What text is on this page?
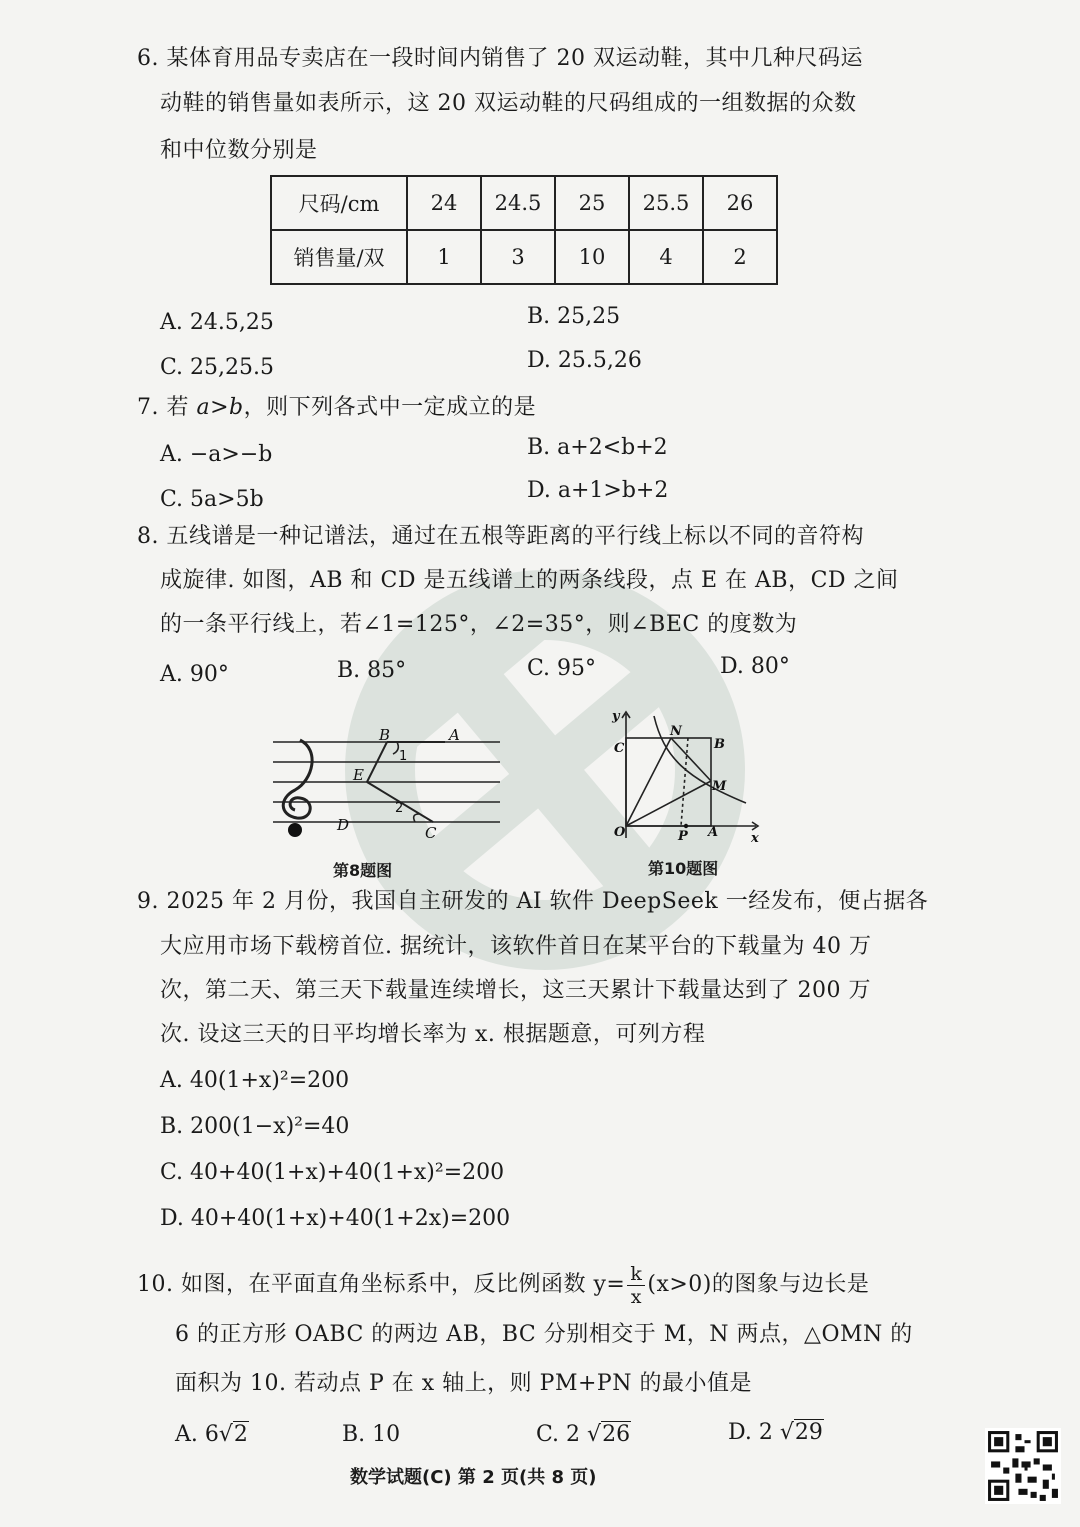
6. 某体育用品专卖店在一段时间内销售了 20 双运动鞋，其中几种尺码运
动鞋的销售量如表所示，这 20 双运动鞋的尺码组成的一组数据的众数
和中位数分别是
尺码/cm	24	24.5	25	25.5	26
销售量/双	1	3	10	4	2
A. 24.5,25	B. 25,25
C. 25,25.5	D. 25.5,26
7. 若 a>b，则下列各式中一定成立的是
A. −a>−b	B. a+2<b+2
C. 5a>5b	D. a+1>b+2
8. 五线谱是一种记谱法，通过在五根等距离的平行线上标以不同的音符构
成旋律. 如图，AB 和 CD 是五线谱上的两条线段，点 E 在 AB，CD 之间
的一条平行线上，若∠1=125°，∠2=35°，则∠BEC 的度数为
A. 90°	B. 85°	C. 95°	D. 80°
A
B
C
D
E
1
2
第8题图
y
x
O	A
B
C
M
N
P
第10题图
9. 2025 年 2 月份，我国自主研发的 AI 软件 DeepSeek 一经发布，便占据各
大应用市场下载榜首位. 据统计，该软件首日在某平台的下载量为 40 万
次，第二天、第三天下载量连续增长，这三天累计下载量达到了 200 万
次. 设这三天的日平均增长率为 x. 根据题意，可列方程
A. 40(1+x)²=200
B. 200(1−x)²=40
C. 40+40(1+x)+40(1+x)²=200
D. 40+40(1+x)+40(1+2x)=200
10. 如图，在平面直角坐标系中，反比例函数 $y= \frac{k}{x} (x>0)$的图象与边长是
6 的正方形 OABC 的两边 AB，BC 分别相交于 M，N 两点，△OMN 的
面积为 10. 若动点 P 在 x 轴上，则 PM+PN 的最小值是
A. 6√2	B. 10	C. 2 √26	D. 2 √29
数学试题(C) 第 2 页(共 8 页)
